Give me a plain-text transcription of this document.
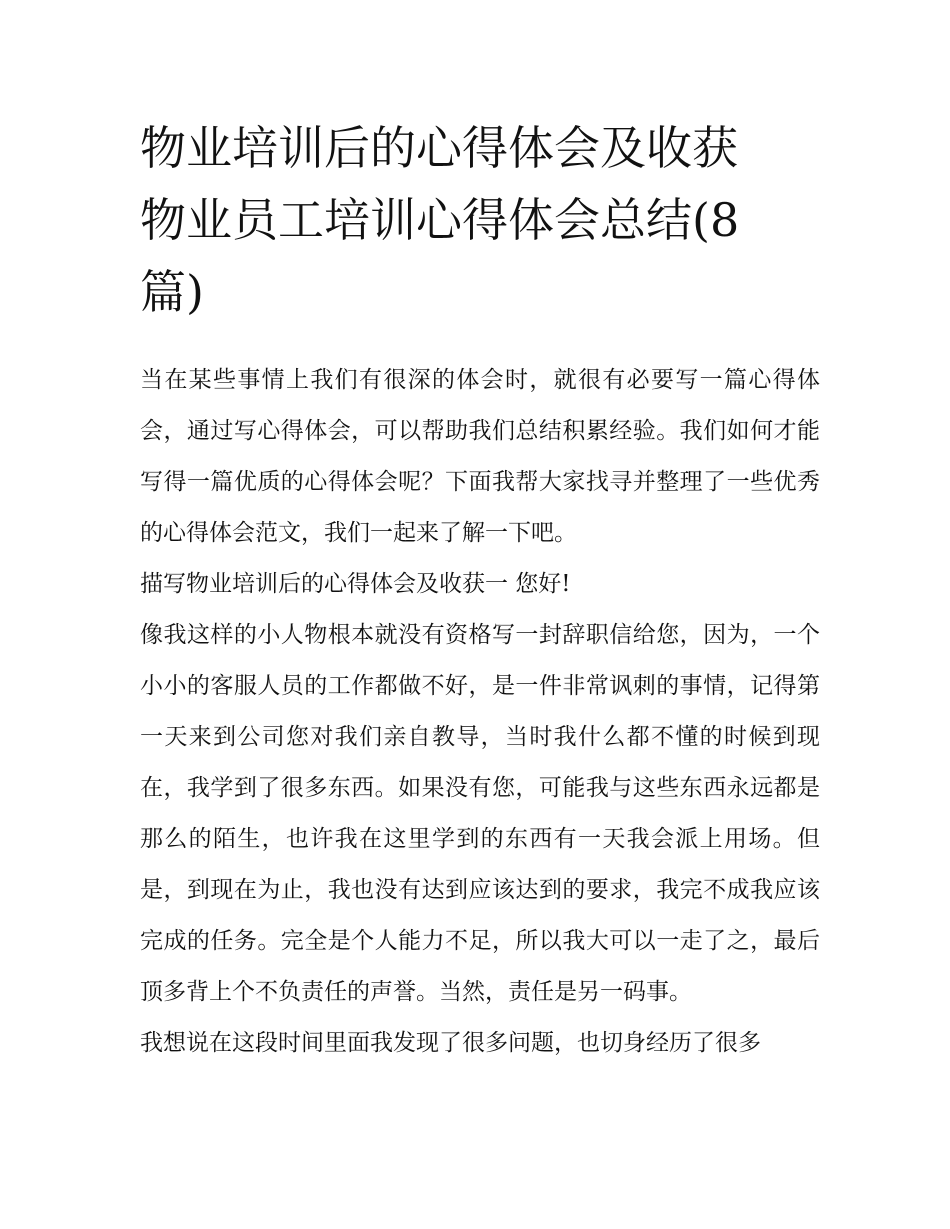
物业培训后的心得体会及收获
物业员工培训心得体会总结(8
篇)

当在某些事情上我们有很深的体会时，就很有必要写一篇心得体会，通过写心得体会，可以帮助我们总结积累经验。我们如何才能写得一篇优质的心得体会呢？下面我帮大家找寻并整理了一些优秀的心得体会范文，我们一起来了解一下吧。

描写物业培训后的心得体会及收获一 您好!

像我这样的小人物根本就没有资格写一封辞职信给您，因为，一个小小的客服人员的工作都做不好，是一件非常讽刺的事情，记得第一天来到公司您对我们亲自教导，当时我什么都不懂的时候到现在，我学到了很多东西。如果没有您，可能我与这些东西永远都是那么的陌生，也许我在这里学到的东西有一天我会派上用场。但是，到现在为止，我也没有达到应该达到的要求，我完不成我应该完成的任务。完全是个人能力不足，所以我大可以一走了之，最后顶多背上个不负责任的声誉。当然，责任是另一码事。

我想说在这段时间里面我发现了很多问题，也切身经历了很多
